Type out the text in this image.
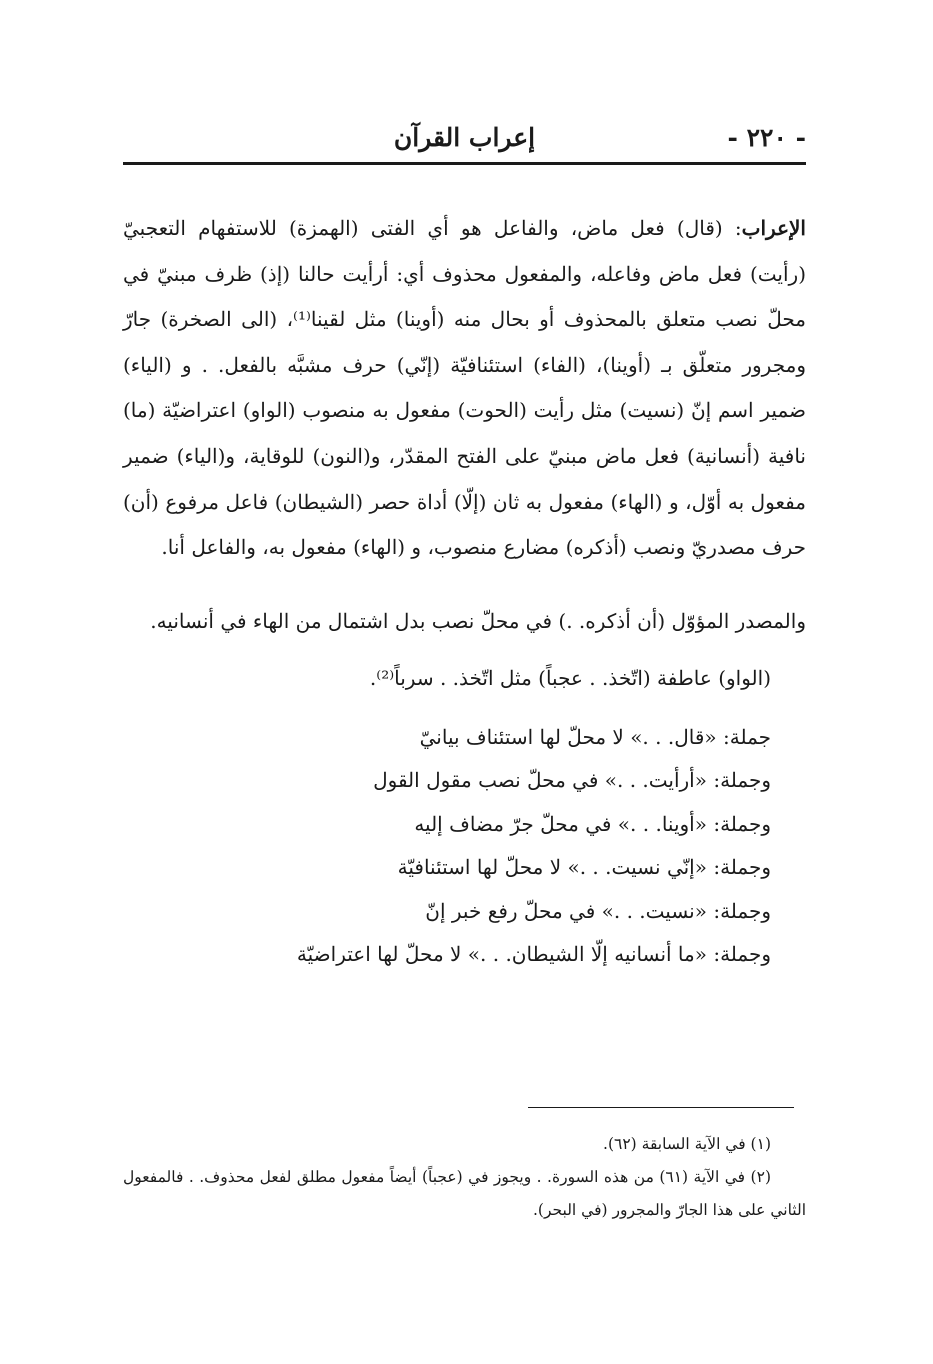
- ٢٢٠ -
إعراب القرآن

الإعراب: (قال) فعل ماض، والفاعل هو أي الفتى (الهمزة) للاستفهام التعجبيّ (رأيت) فعل ماض وفاعله، والمفعول محذوف أي: أرأيت حالنا (إذ) ظرف مبنيّ في محلّ نصب متعلق بالمحذوف أو بحال منه (أوينا) مثل لقينا⁽¹⁾، (الى الصخرة) جارّ ومجرور متعلّق بـ (أوينا)، (الفاء) استئنافيّة (إنّي) حرف مشبَّه بالفعل. . و (الياء) ضمير اسم إنّ (نسيت) مثل رأيت (الحوت) مفعول به منصوب (الواو) اعتراضيّة (ما) نافية (أنسانية) فعل ماض مبنيّ على الفتح المقدّر، و(النون) للوقاية، و(الياء) ضمير مفعول به أوّل، و (الهاء) مفعول به ثان (إلّا) أداة حصر (الشيطان) فاعل مرفوع (أن) حرف مصدريّ ونصب (أذكره) مضارع منصوب، و (الهاء) مفعول به، والفاعل أنا.

والمصدر المؤوّل (أن أذكره. .) في محلّ نصب بدل اشتمال من الهاء في أنسانيه.

(الواو) عاطفة (اتّخذ. . عجباً) مثل اتّخذ. . سرباً⁽²⁾.

جملة: «قال. . .» لا محلّ لها استئناف بيانيّ
وجملة: «أرأيت. . .» في محلّ نصب مقول القول
وجملة: «أوينا. . .» في محلّ جرّ مضاف إليه
وجملة: «إنّي نسيت. . .» لا محلّ لها استئنافيّة
وجملة: «نسيت. . .» في محلّ رفع خبر إنّ
وجملة: «ما أنسانيه إلّا الشيطان. . .» لا محلّ لها اعتراضيّة

(١) في الآية السابقة (٦٢).

(٢) في الآية (٦١) من هذه السورة. . ويجوز في (عجباً) أيضاً مفعول مطلق لفعل محذوف. . فالمفعول الثاني على هذا الجارّ والمجرور (في البحر).
